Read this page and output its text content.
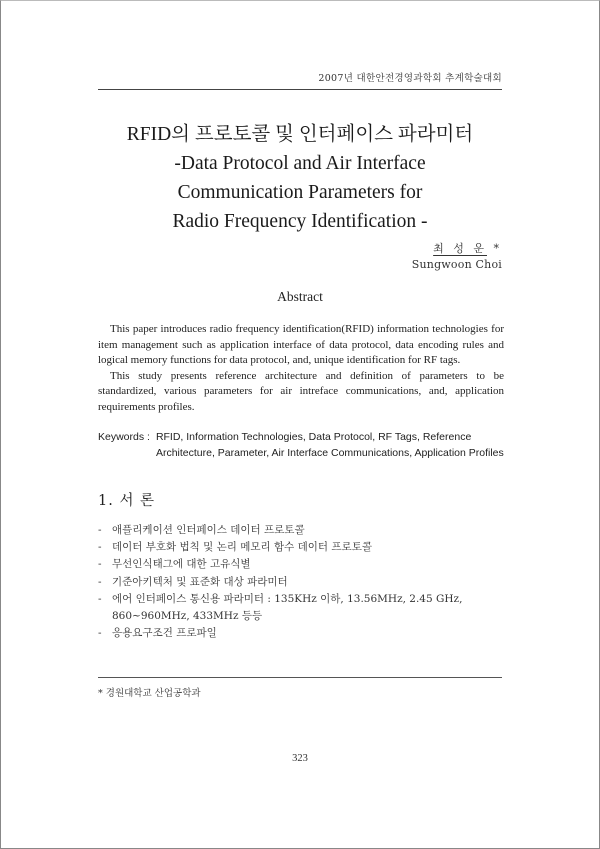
2007년 대한안전경영과학회 추계학술대회
RFID의 프로토콜 및 인터페이스 파라미터
-Data Protocol and Air Interface
Communication Parameters for
Radio Frequency Identification -
최 성 운 *
Sungwoon Choi
Abstract

This paper introduces radio frequency identification(RFID) information technologies for item management such as application interface of data protocol, data encoding rules and logical memory functions for data protocol, and, unique identification for RF tags.

This study presents reference architecture and definition of parameters to be standardized, various parameters for air intreface communications, and, application requirements profiles.

Keywords : RFID, Information Technologies, Data Protocol, RF Tags, Reference Architecture, Parameter, Air Interface Communications, Application Profiles
1. 서 론
- 애플리케이션 인터페이스 데이터 프로토콜
- 데이터 부호화 법칙 및 논리 메모리 함수 데이터 프로토콜
- 무선인식태그에 대한 고유식별
- 기준아키텍처 및 표준화 대상 파라미터
- 에어 인터페이스 통신용 파라미터 : 135KHz 이하, 13.56MHz, 2.45 GHz, 860∼960MHz, 433MHz 등등
- 응용요구조건 프로파일
* 경원대학교 산업공학과
323
